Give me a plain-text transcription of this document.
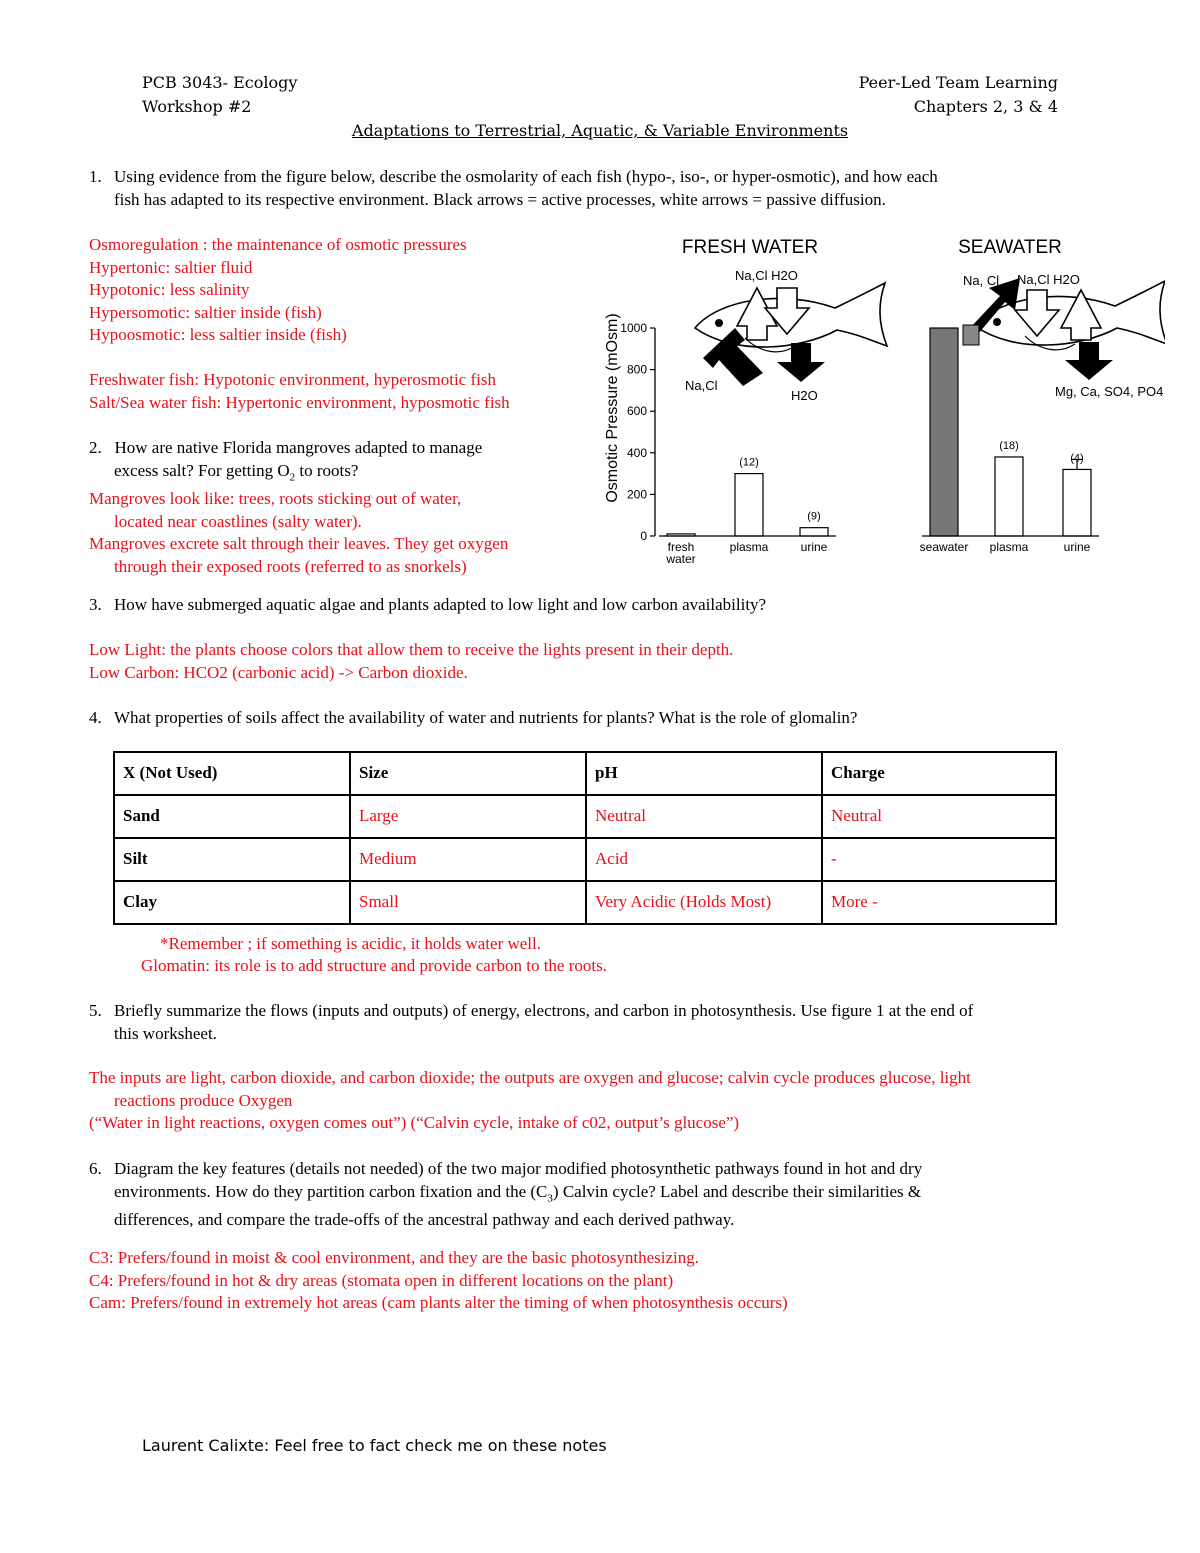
PCB 3043- Ecology
Workshop #2
Peer-Led Team Learning
Chapters 2, 3 & 4
Adaptations to Terrestrial, Aquatic, & Variable Environments
1. Using evidence from the figure below, describe the osmolarity of each fish (hypo-, iso-, or hyper-osmotic), and how each
fish has adapted to its respective environment. Black arrows = active processes, white arrows = passive diffusion.
Osmoregulation : the maintenance of osmotic pressures
Hypertonic: saltier fluid
Hypotonic: less salinity
Hypersomotic: saltier inside (fish)
Hypoosmotic: less saltier inside (fish)
Freshwater fish: Hypotonic environment, hyperosmotic fish
Salt/Sea water fish: Hypertonic environment, hyposmotic fish
2. How are native Florida mangroves adapted to manage
excess salt? For getting $O_2$ to roots?
Mangroves look like: trees, roots sticking out of water,
located near coastlines (salty water).
Mangroves excrete salt through their leaves. They get oxygen
through their exposed roots (referred to as snorkels)
FRESH WATER	SEAWATER
Osmotic Pressure (mOsm)
0
200
400
600
800
1000
fresh
water
(12)
plasma
(9)
urine	seawater
(18)
plasma
(4)
urine
Na,Cl
Na,Cl H2O
H2O
Na, Cl Na,Cl H2O
Mg, Ca, SO4, PO4
3. How have submerged aquatic algae and plants adapted to low light and low carbon availability?
Low Light: the plants choose colors that allow them to receive the lights present in their depth.
Low Carbon: HCO2 (carbonic acid) -> Carbon dioxide.
4. What properties of soils affect the availability of water and nutrients for plants? What is the role of glomalin?
X (Not Used)	Size	pH	Charge
Sand	Large	Neutral	Neutral
Silt	Medium	Acid	-
Clay	Small	Very Acidic (Holds Most)	More -
*Remember ; if something is acidic, it holds water well.
Glomatin: its role is to add structure and provide carbon to the roots.
5. Briefly summarize the flows (inputs and outputs) of energy, electrons, and carbon in photosynthesis. Use figure 1 at the end of
this worksheet.
The inputs are light, carbon dioxide, and carbon dioxide; the outputs are oxygen and glucose; calvin cycle produces glucose, light
reactions produce Oxygen
(“Water in light reactions, oxygen comes out”) (“Calvin cycle, intake of c02, output’s glucose”)
6. Diagram the key features (details not needed) of the two major modified photosynthetic pathways found in hot and dry
environments. How do they partition carbon fixation and the $(C_3)$ Calvin cycle? Label and describe their similarities &
differences, and compare the trade-offs of the ancestral pathway and each derived pathway.
C3: Prefers/found in moist & cool environment, and they are the basic photosynthesizing.
C4: Prefers/found in hot & dry areas (stomata open in different locations on the plant)
Cam: Prefers/found in extremely hot areas (cam plants alter the timing of when photosynthesis occurs)
Laurent Calixte: Feel free to fact check me on these notes
